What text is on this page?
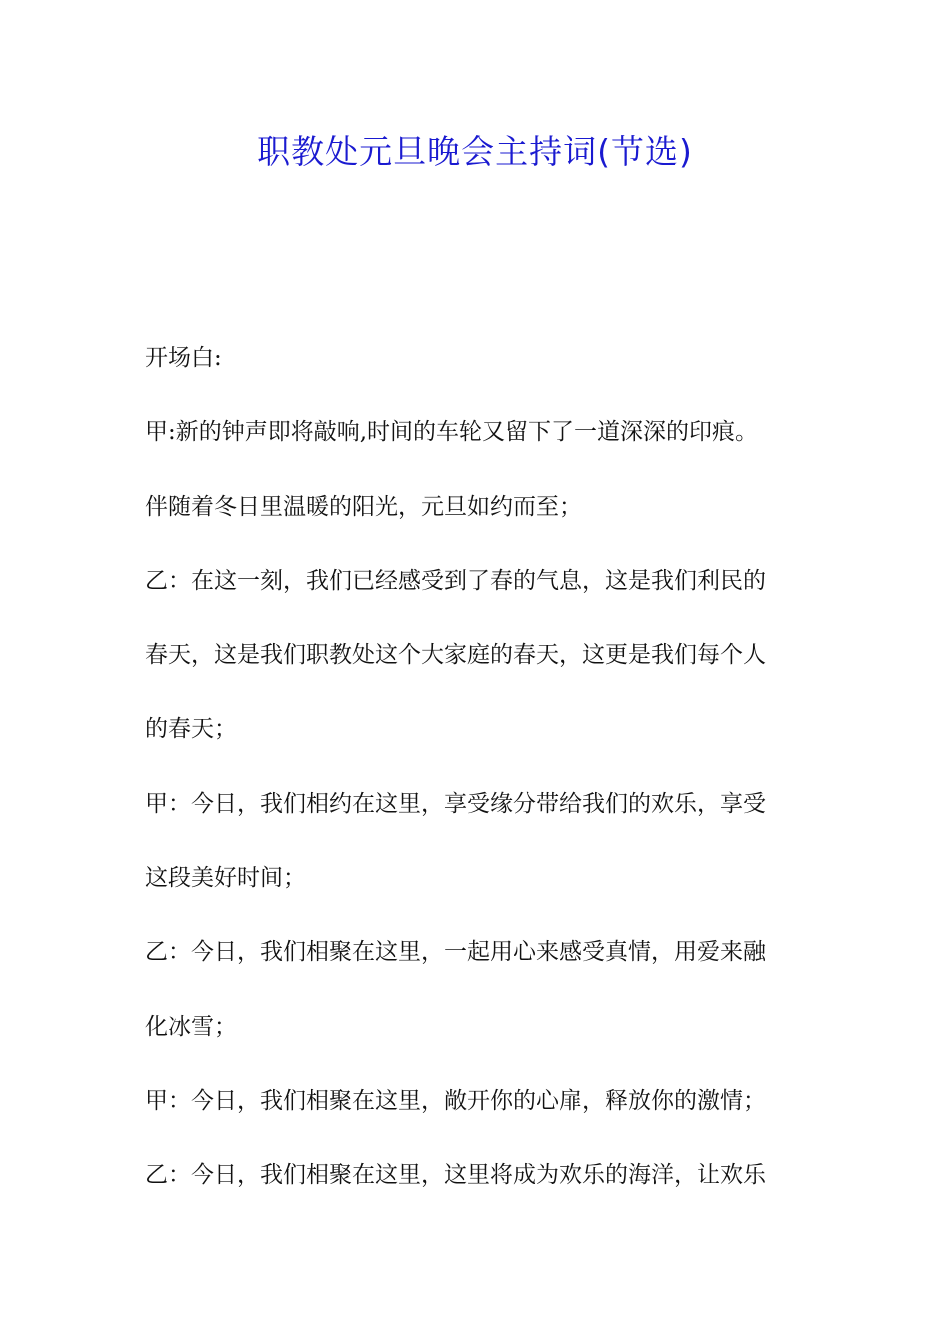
职教处元旦晚会主持词(节选)
开场白:
甲:新的钟声即将敲响,时间的车轮又留下了一道深深的印痕。
伴随着冬日里温暖的阳光，元旦如约而至；
乙：在这一刻，我们已经感受到了春的气息，这是我们利民的
春天，这是我们职教处这个大家庭的春天，这更是我们每个人
的春天；
甲：今日，我们相约在这里，享受缘分带给我们的欢乐，享受
这段美好时间；
乙：今日，我们相聚在这里，一起用心来感受真情，用爱来融
化冰雪；
甲：今日，我们相聚在这里，敞开你的心扉，释放你的激情；
乙：今日，我们相聚在这里，这里将成为欢乐的海洋，让欢乐
